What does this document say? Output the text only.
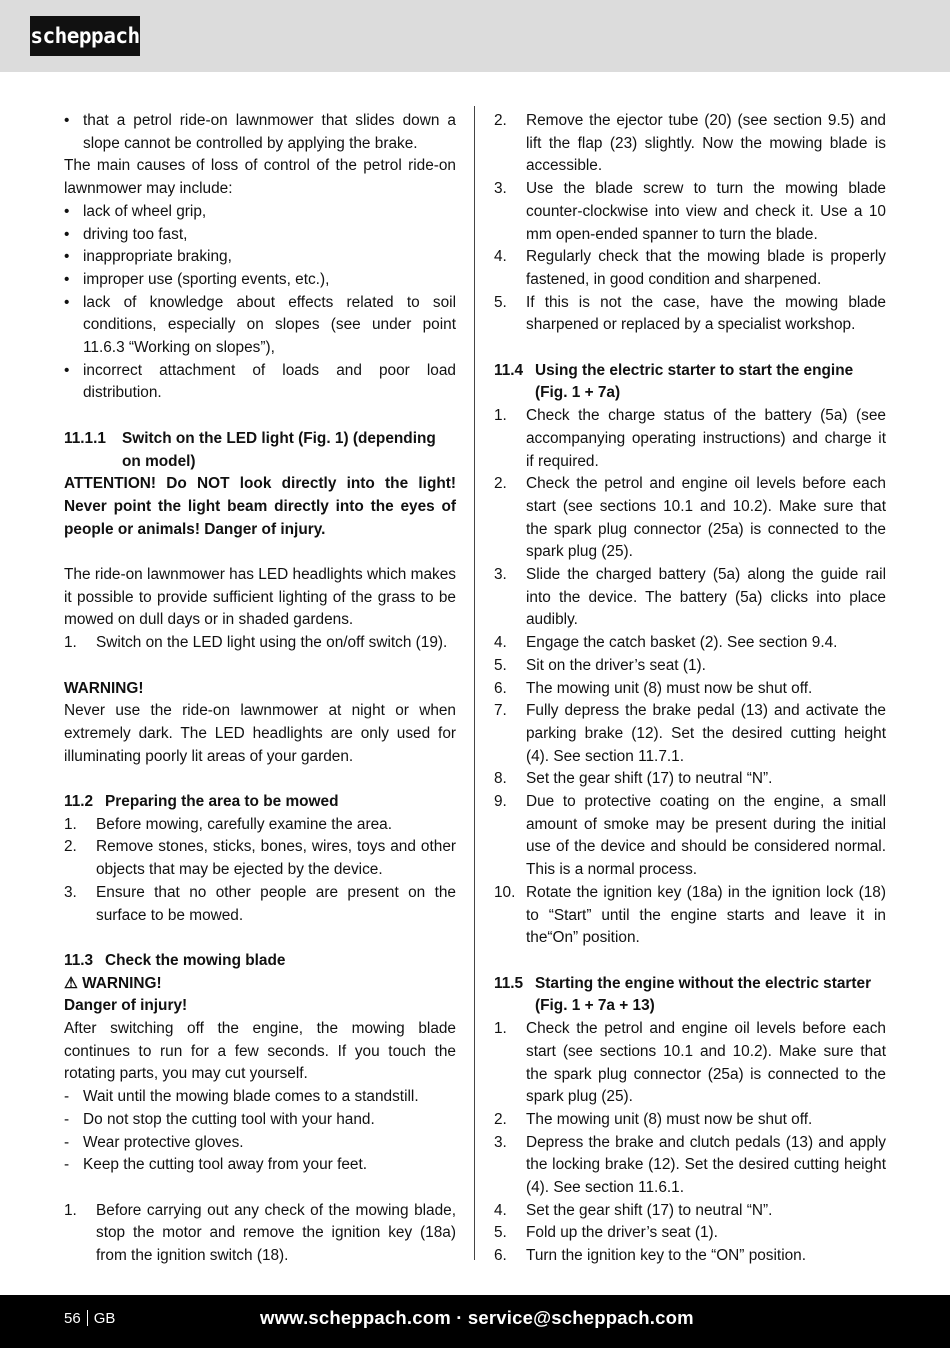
scheppach
• that a petrol ride-on lawnmower that slides down a slope cannot be controlled by applying the brake.

The main causes of loss of control of the petrol ride-on lawnmower may include:

• lack of wheel grip,
• driving too fast,
• inappropriate braking,
• improper use (sporting events, etc.),
• lack of knowledge about effects related to soil conditions, especially on slopes (see under point 11.6.3 “Working on slopes”),
• incorrect attachment of loads and poor load distribution.
11.1.1	Switch on the LED light (Fig. 1) (depending on model)

ATTENTION! Do NOT look directly into the light! Never point the light beam directly into the eyes of people or animals! Danger of injury.

The ride-on lawnmower has LED headlights which makes it possible to provide sufficient lighting of the grass to be mowed on dull days or in shaded gardens.

1. Switch on the LED light using the on/off switch (19).

WARNING!

Never use the ride-on lawnmower at night or when extremely dark. The LED headlights are only used for illuminating poorly lit areas of your garden.

11.2 Preparing the area to be mowed
1. Before mowing, carefully examine the area.
2. Remove stones, sticks, bones, wires, toys and other objects that may be ejected by the device.
3. Ensure that no other people are present on the surface to be mowed.
11.3 Check the mowing blade

⚠ WARNING!

Danger of injury!

After switching off the engine, the mowing blade continues to run for a few seconds. If you touch the rotating parts, you may cut yourself.

- Wait until the mowing blade comes to a standstill.
- Do not stop the cutting tool with your hand.
- Wear protective gloves.
- Keep the cutting tool away from your feet.
1. Before carrying out any check of the mowing blade, stop the motor and remove the ignition key (18a) from the ignition switch (18).
2. Remove the ejector tube (20) (see section 9.5) and lift the flap (23) slightly. Now the mowing blade is accessible.
3. Use the blade screw to turn the mowing blade counter-clockwise into view and check it. Use a 10 mm open-ended spanner to turn the blade.
4. Regularly check that the mowing blade is properly fastened, in good condition and sharpened.
5. If this is not the case, have the mowing blade sharpened or replaced by a specialist workshop.
11.4 Using the electric starter to start the engine (Fig. 1 + 7a)
1. Check the charge status of the battery (5a) (see accompanying operating instructions) and charge it if required.
2. Check the petrol and engine oil levels before each start (see sections 10.1 and 10.2). Make sure that the spark plug connector (25a) is connected to the spark plug (25).
3. Slide the charged battery (5a) along the guide rail into the device. The battery (5a) clicks into place audibly.
4. Engage the catch basket (2). See section 9.4.
5. Sit on the driver’s seat (1).
6. The mowing unit (8) must now be shut off.
7. Fully depress the brake pedal (13) and activate the parking brake (12). Set the desired cutting height (4). See section 11.7.1.
8. Set the gear shift (17) to neutral “N”.
9. Due to protective coating on the engine, a small amount of smoke may be present during the initial use of the device and should be considered normal. This is a normal process.
10. Rotate the ignition key (18a) in the ignition lock (18) to “Start” until the engine starts and leave it in the“On” position.
11.5 Starting the engine without the electric starter (Fig. 1 + 7a + 13)
1. Check the petrol and engine oil levels before each start (see sections 10.1 and 10.2). Make sure that the spark plug connector (25a) is connected to the spark plug (25).
2. The mowing unit (8) must now be shut off.
3. Depress the brake and clutch pedals (13) and apply the locking brake (12). Set the desired cutting height (4). See section 11.6.1.
4. Set the gear shift (17) to neutral “N”.
5. Fold up the driver’s seat (1).
6. Turn the ignition key to the “ON” position.
56 GB	www.scheppach.com · service@scheppach.com
